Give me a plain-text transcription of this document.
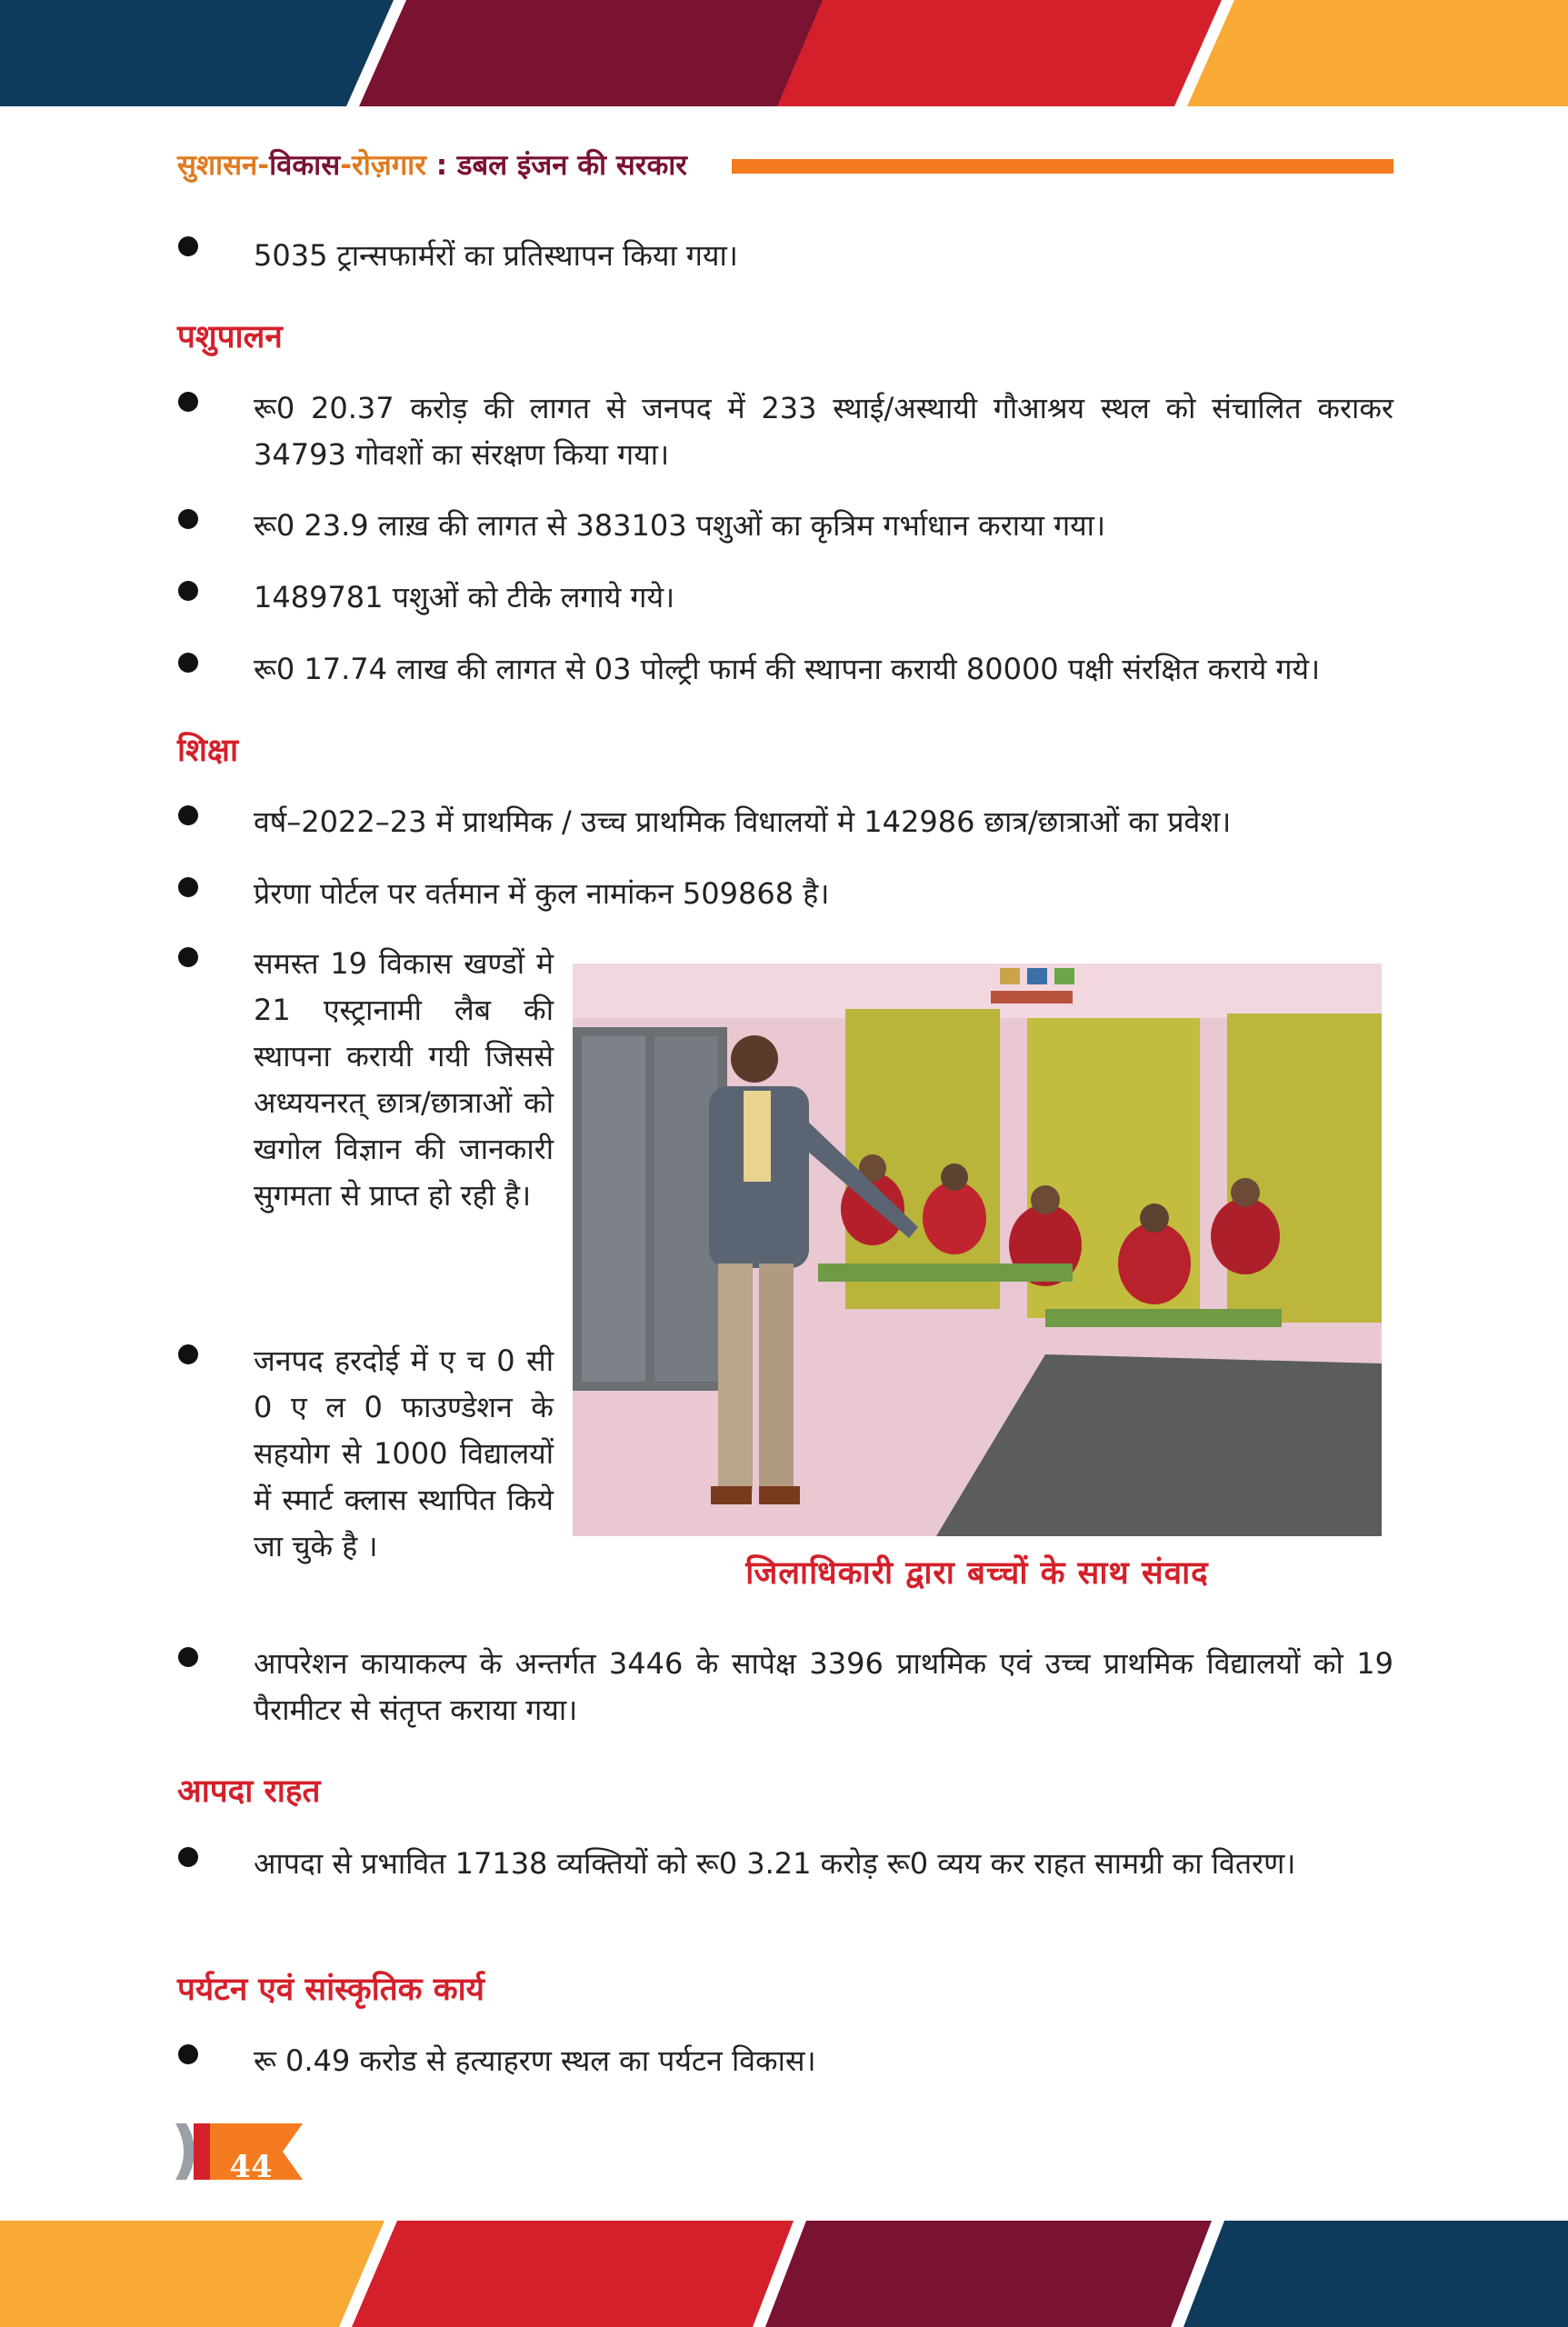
सुशासन-विकास-रोज़गार : डबल इंजन की सरकार
5035 ट्रान्सफार्मरों का प्रतिस्थापन किया गया।
पशुपालन
रू0 20.37 करोड़ की लागत से जनपद में 233 स्थाई/अस्थायी गौआश्रय स्थल को संचालित कराकर 34793 गोवशों का संरक्षण किया गया।
रू0 23.9 लाख़ की लागत से 383103 पशुओं का कृत्रिम गर्भाधान कराया गया।
1489781 पशुओं को टीके लगाये गये।
रू0 17.74 लाख की लागत से 03 पोल्ट्री फार्म की स्थापना करायी 80000 पक्षी संरक्षित कराये गये।
शिक्षा
वर्ष–2022–23 में प्राथमिक / उच्च प्राथमिक विधालयों मे 142986 छात्र/छात्राओं का प्रवेश।
प्रेरणा पोर्टल पर वर्तमान में कुल नामांकन 509868 है।
समस्त 19 विकास खण्डों मे 21 एस्ट्रानामी लैब की स्थापना करायी गयी जिससे अध्ययनरत् छात्र/छात्राओं को खगोल विज्ञान की जानकारी सुगमता से प्राप्त हो रही है।
जनपद हरदोई में ए च 0 सी 0 ए ल 0 फाउण्डेशन के सहयोग से 1000 विद्यालयों में स्मार्ट क्लास स्थापित किये जा चुके है ।
जिलाधिकारी द्वारा बच्चों के साथ संवाद
आपरेशन कायाकल्प के अन्तर्गत 3446 के सापेक्ष 3396 प्राथमिक एवं उच्च प्राथमिक विद्यालयों को 19 पैरामीटर से संतृप्त कराया गया।
आपदा राहत
आपदा से प्रभावित 17138 व्यक्तियों को रू0 3.21 करोड़ रू0 व्यय कर राहत सामग्री का वितरण।
पर्यटन एवं सांस्कृतिक कार्य
रू 0.49 करोड से हत्याहरण स्थल का पर्यटन विकास।
44
